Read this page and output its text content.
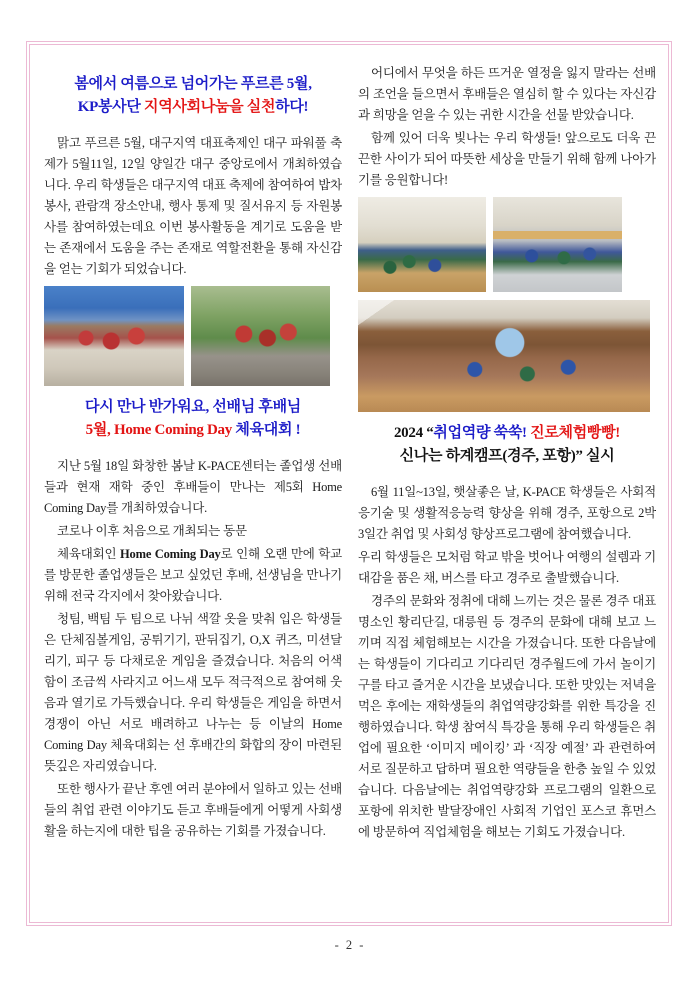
봄에서 여름으로 넘어가는 푸르른 5월,
KP봉사단 지역사회나눔을 실천하다!

맑고 푸르른 5월, 대구지역 대표축제인 대구 파워풀 축제가 5월11일, 12일 양일간 대구 중앙로에서 개최하였습니다. 우리 학생들은 대구지역 대표 축제에 참여하여 밥차봉사, 관람객 장소안내, 행사 통제 및 질서유지 등 자원봉사를 참여하였는데요 이번 봉사활동을 계기로 도움을 받는 존재에서 도움을 주는 존재로 역할전환을 통해 자신감을 얻는 기회가 되었습니다.

다시 만나 반가워요, 선배님 후배님
5월, Home Coming Day 체육대회 !

지난 5월 18일 화창한 봄날 K-PACE센터는 졸업생 선배들과 현재 재학 중인 후배들이 만나는 제5회 Home Coming Day를 개최하였습니다.

코로나 이후 처음으로 개최되는 동문

체육대회인 Home Coming Day로 인해 오랜 만에 학교를 방문한 졸업생들은 보고 싶었던 후배, 선생님을 만나기 위해 전국 각지에서 찾아왔습니다.

청팀, 백팀 두 팀으로 나뉘 색깔 옷을 맞춰 입은 학생들은 단체짐볼게임, 공튀기기, 판뒤집기, O,X 퀴즈, 미션달리기, 피구 등 다채로운 게임을 즐겼습니다. 처음의 어색함이 조금씩 사라지고 어느새 모두 적극적으로 참여해 웃음과 열기로 가득했습니다. 우리 학생들은 게임을 하면서 경쟁이 아닌 서로 배려하고 나누는 등 이날의 Home Coming Day 체육대회는 선 후배간의 화합의 장이 마련된 뜻깊은 자리였습니다.

또한 행사가 끝난 후엔 여러 분야에서 일하고 있는 선배들의 취업 관련 이야기도 듣고 후배들에게 어떻게 사회생활을 하는지에 대한 팁을 공유하는 기회를 가졌습니다.

어디에서 무엇을 하든 뜨거운 열정을 잃지 말라는 선배의 조언을 들으면서 후배들은 열심히 할 수 있다는 자신감과 희망을 얻을 수 있는 귀한 시간을 선물 받았습니다.

함께 있어 더욱 빛나는 우리 학생들! 앞으로도 더욱 끈끈한 사이가 되어 따뜻한 세상을 만들기 위해 함께 나아가기를 응원합니다!

2024 “취업역량 쑥쑥! 진로체험빵빵!
신나는 하계캠프(경주, 포항)” 실시

6월 11일~13일, 햇살좋은 날, K-PACE 학생들은 사회적응기술 및 생활적응능력 향상을 위해 경주, 포항으로 2박 3일간 취업 및 사회성 향상프로그램에 참여했습니다.

우리 학생들은 모처럼 학교 밖을 벗어나 여행의 설렘과 기대감을 품은 채, 버스를 타고 경주로 출발했습니다.

경주의 문화와 정취에 대해 느끼는 것은 물론 경주 대표명소인 황리단길, 대릉원 등 경주의 문화에 대해 보고 느끼며 직접 체험해보는 시간을 가졌습니다. 또한 다음날에는 학생들이 기다리고 기다리던 경주월드에 가서 놀이기구를 타고 즐거운 시간을 보냈습니다. 또한 맛있는 저녁을 먹은 후에는 재학생들의 취업역량강화를 위한 특강을 진행하였습니다. 학생 참여식 특강을 통해 우리 학생들은 취업에 필요한 ‘이미지 메이킹’ 과 ‘직장 예절’ 과 관련하여 서로 질문하고 답하며 필요한 역량들을 한층 높일 수 있었습니다. 다음날에는 취업역량강화 프로그램의 일환으로 포항에 위치한 발달장애인 사회적 기업인 포스코 휴먼스에 방문하여 직업체험을 해보는 기회도 가졌습니다.

- 2 -
